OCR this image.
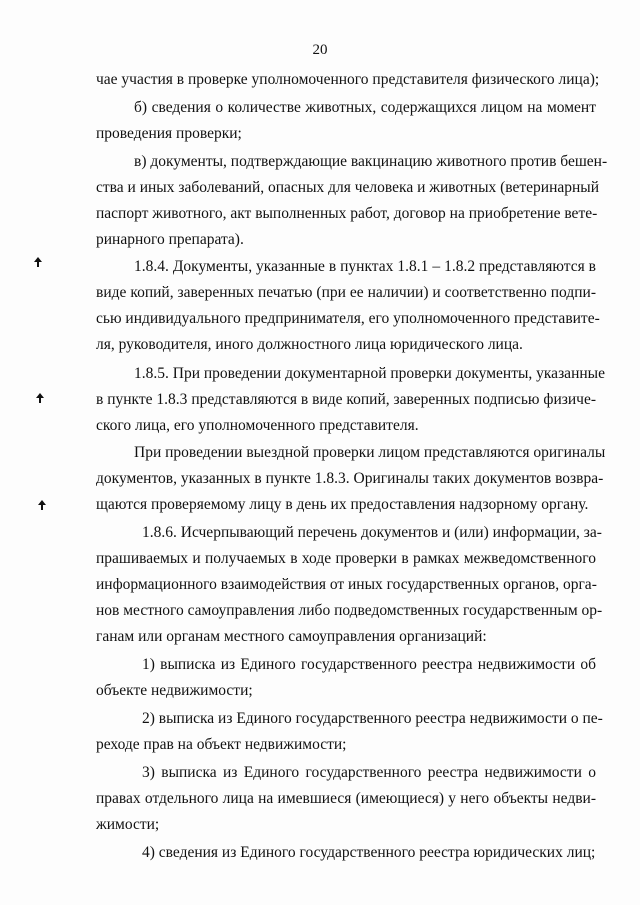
20
чае участия в проверке уполномоченного представителя физического лица);
б) сведения о количестве животных, содержащихся лицом на момент
проведения проверки;
в) документы, подтверждающие вакцинацию животного против бешен-
ства и иных заболеваний, опасных для человека и животных (ветеринарный
паспорт животного, акт выполненных работ, договор на приобретение вете-
ринарного препарата).
1.8.4. Документы, указанные в пунктах 1.8.1 – 1.8.2 представляются в
виде копий, заверенных печатью (при ее наличии) и соответственно подпи-
сью индивидуального предпринимателя, его уполномоченного представите-
ля, руководителя, иного должностного лица юридического лица.
1.8.5. При проведении документарной проверки документы, указанные
в пункте 1.8.3 представляются в виде копий, заверенных подписью физиче-
ского лица, его уполномоченного представителя.
При проведении выездной проверки лицом представляются оригиналы
документов, указанных в пункте 1.8.3. Оригиналы таких документов возвра-
щаются проверяемому лицу в день их предоставления надзорному органу.
1.8.6. Исчерпывающий перечень документов и (или) информации, за-
прашиваемых и получаемых в ходе проверки в рамках межведомственного
информационного взаимодействия от иных государственных органов, орга-
нов местного самоуправления либо подведомственных государственным ор-
ганам или органам местного самоуправления организаций:
1) выписка из Единого государственного реестра недвижимости об
объекте недвижимости;
2) выписка из Единого государственного реестра недвижимости о пе-
реходе прав на объект недвижимости;
3) выписка из Единого государственного реестра недвижимости о
правах отдельного лица на имевшиеся (имеющиеся) у него объекты недви-
жимости;
4) сведения из Единого государственного реестра юридических лиц;
